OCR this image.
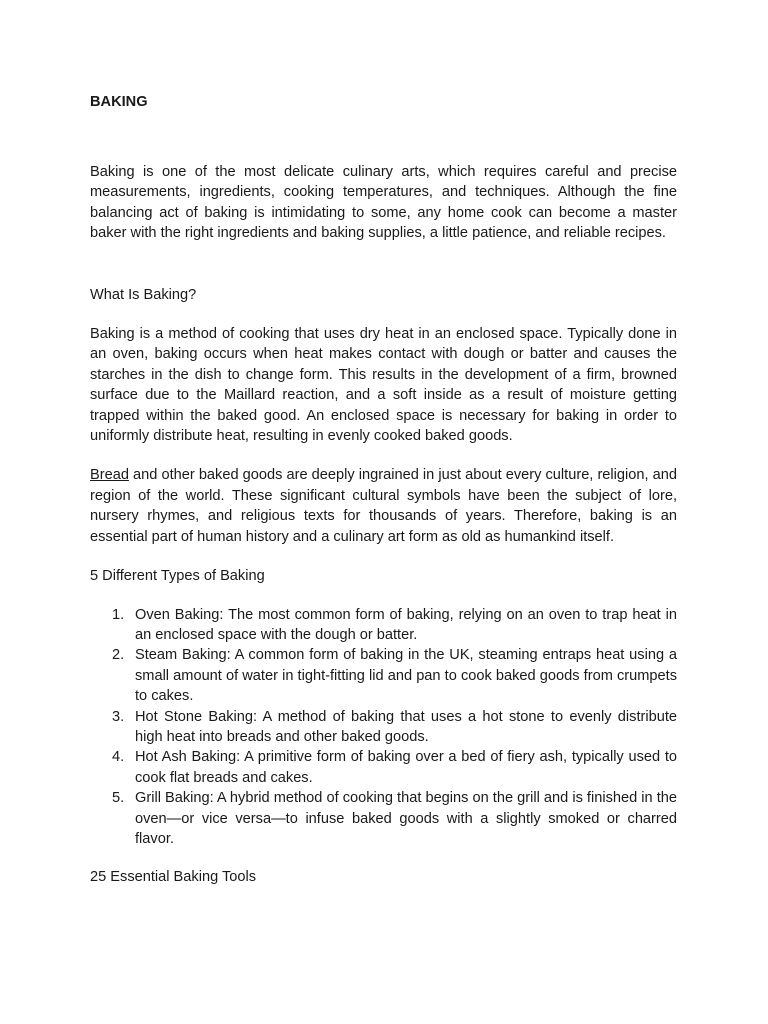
BAKING

Baking is one of the most delicate culinary arts, which requires careful and precise measurements, ingredients, cooking temperatures, and techniques. Although the fine balancing act of baking is intimidating to some, any home cook can become a master baker with the right ingredients and baking supplies, a little patience, and reliable recipes.

What Is Baking?

Baking is a method of cooking that uses dry heat in an enclosed space. Typically done in an oven, baking occurs when heat makes contact with dough or batter and causes the starches in the dish to change form. This results in the development of a firm, browned surface due to the Maillard reaction, and a soft inside as a result of moisture getting trapped within the baked good. An enclosed space is necessary for baking in order to uniformly distribute heat, resulting in evenly cooked baked goods.

Bread and other baked goods are deeply ingrained in just about every culture, religion, and region of the world. These significant cultural symbols have been the subject of lore, nursery rhymes, and religious texts for thousands of years. Therefore, baking is an essential part of human history and a culinary art form as old as humankind itself.

5 Different Types of Baking

1. Oven Baking: The most common form of baking, relying on an oven to trap heat in an enclosed space with the dough or batter.
2. Steam Baking: A common form of baking in the UK, steaming entraps heat using a small amount of water in tight-fitting lid and pan to cook baked goods from crumpets to cakes.
3. Hot Stone Baking: A method of baking that uses a hot stone to evenly distribute high heat into breads and other baked goods.
4. Hot Ash Baking: A primitive form of baking over a bed of fiery ash, typically used to cook flat breads and cakes.
5. Grill Baking: A hybrid method of cooking that begins on the grill and is finished in the oven—or vice versa—to infuse baked goods with a slightly smoked or charred flavor.

25 Essential Baking Tools
